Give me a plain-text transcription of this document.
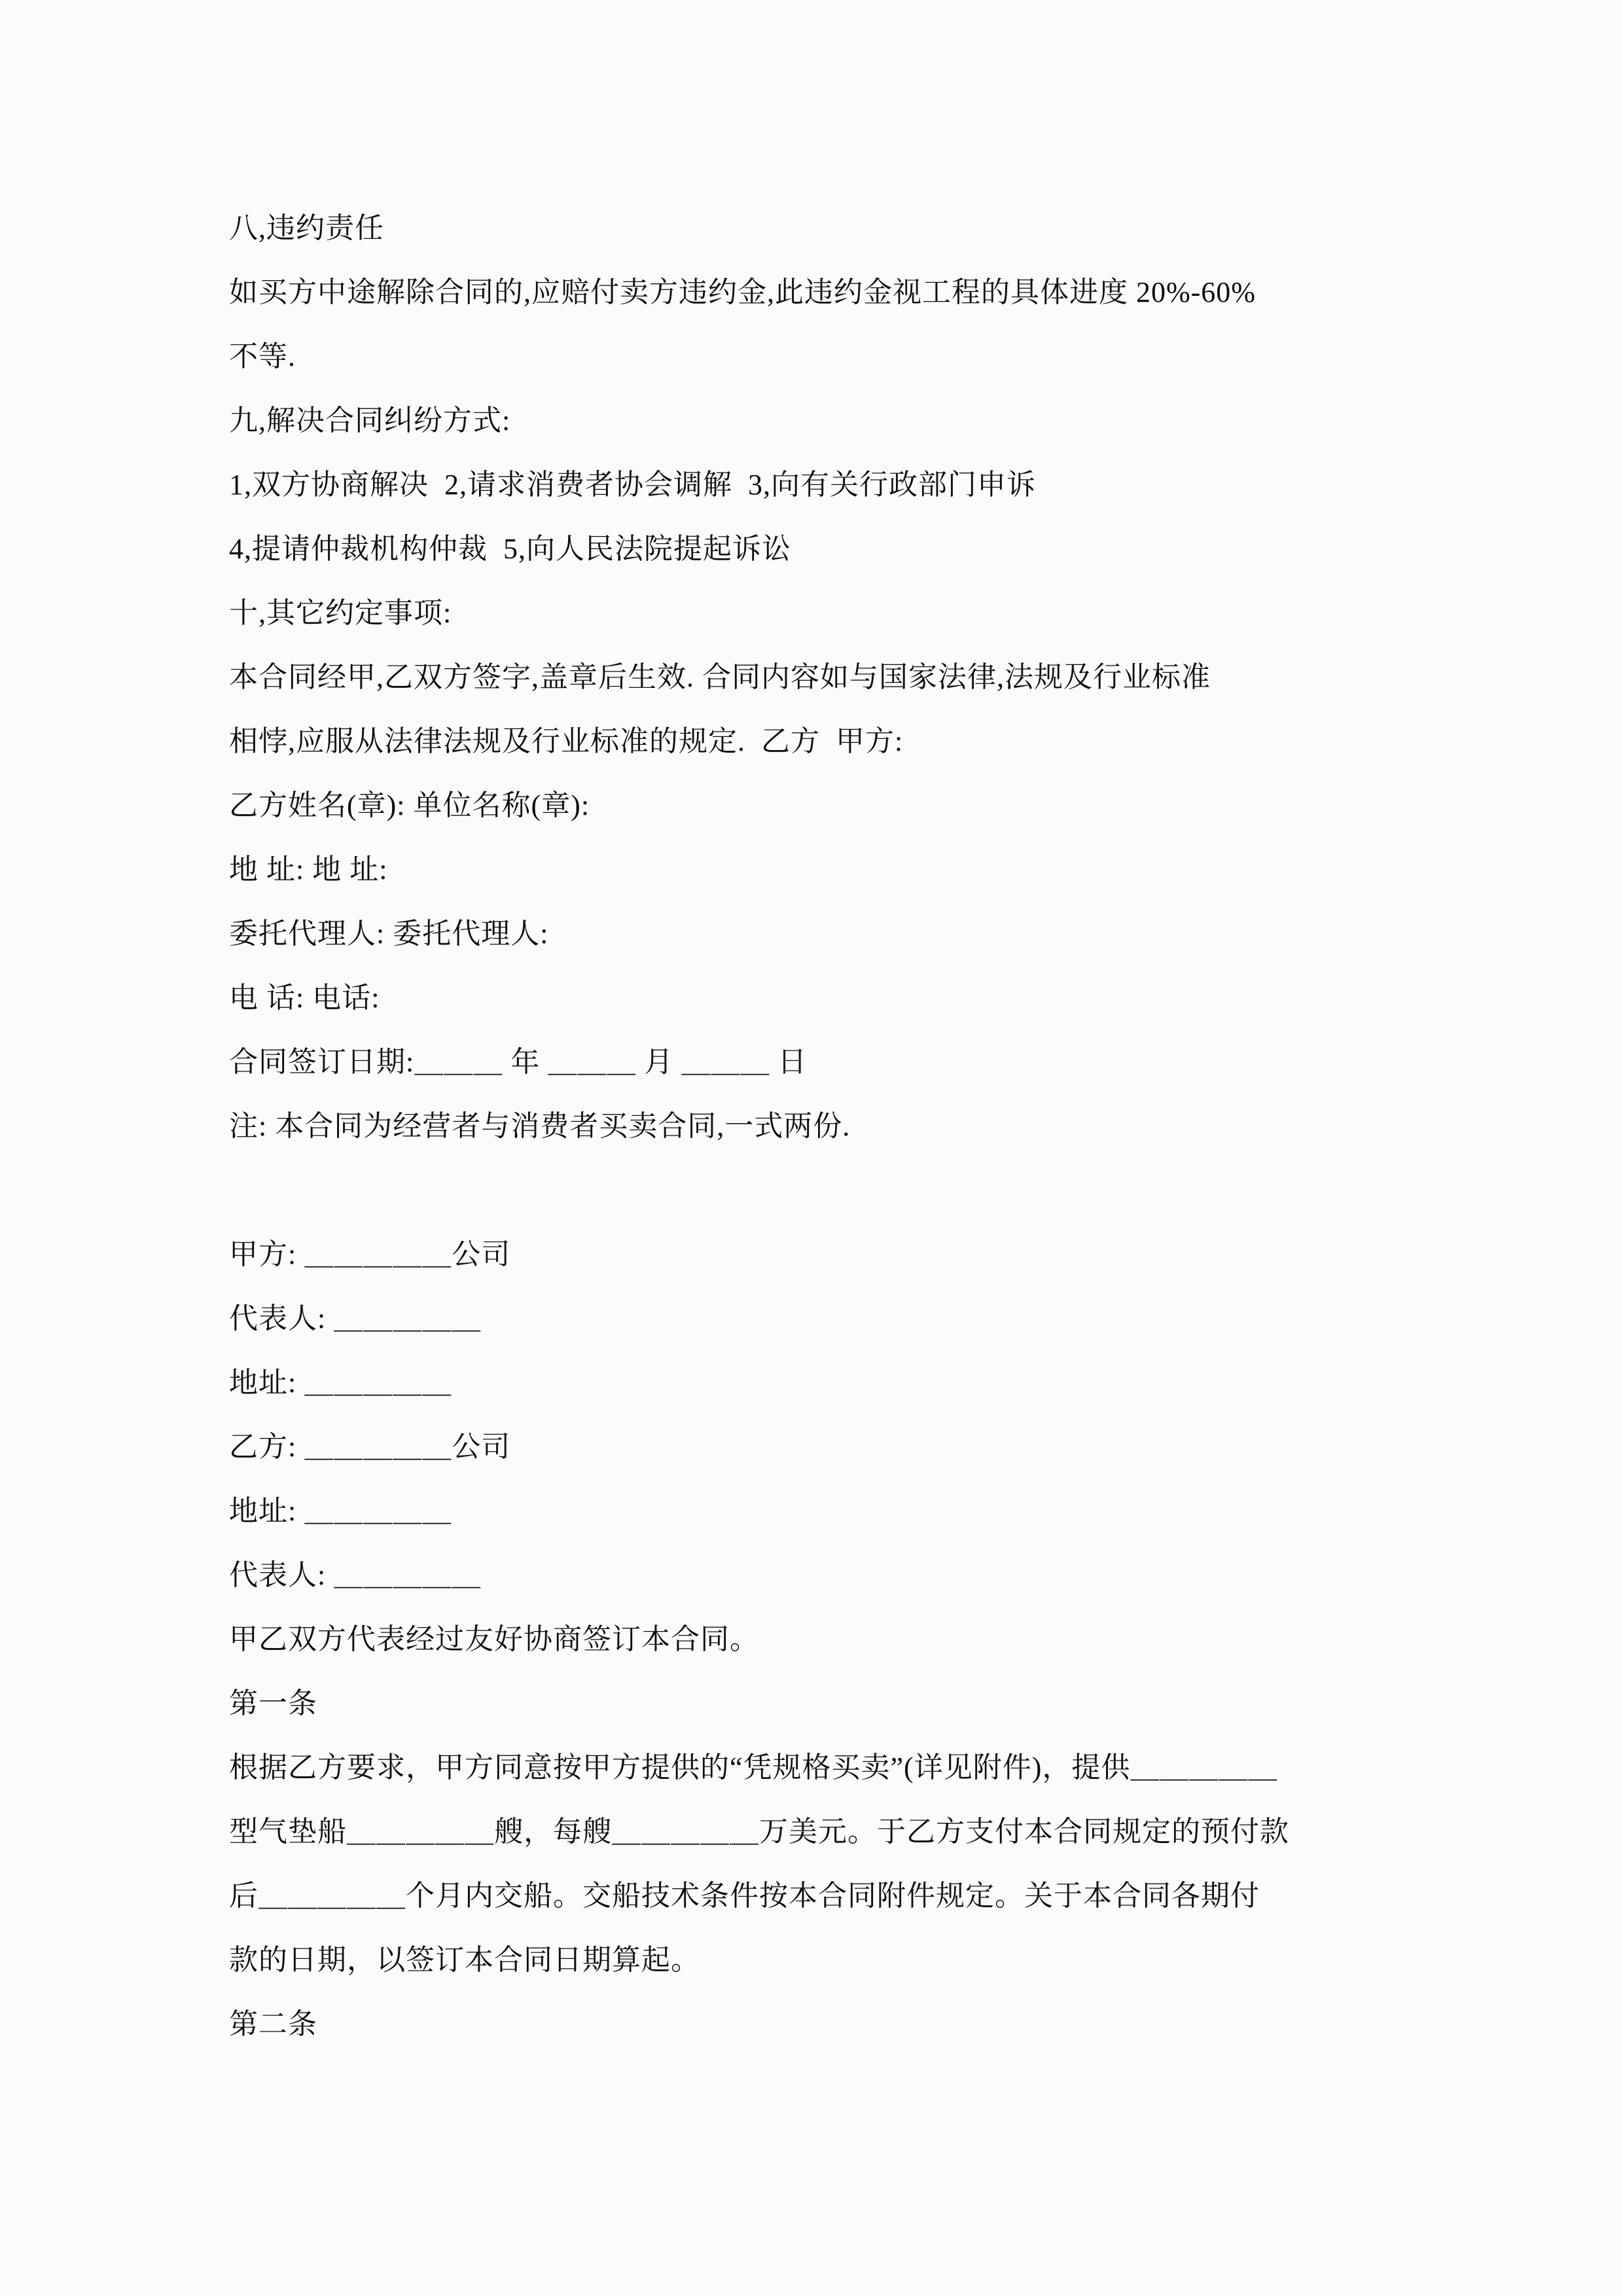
八,违约责任

如买方中途解除合同的,应赔付卖方违约金,此违约金视工程的具体进度 20%-60%

不等.

九,解决合同纠纷方式:

1,双方协商解决  2,请求消费者协会调解  3,向有关行政部门申诉

4,提请仲裁机构仲裁  5,向人民法院提起诉讼

十,其它约定事项:

本合同经甲,乙双方签字,盖章后生效. 合同内容如与国家法律,法规及行业标准

相悖,应服从法律法规及行业标准的规定.  乙方  甲方:

乙方姓名(章): 单位名称(章):

地 址: 地 址:

委托代理人: 委托代理人:

电 话: 电话:

合同签订日期:＿＿＿ 年 ＿＿＿ 月 ＿＿＿ 日

注: 本合同为经营者与消费者买卖合同,一式两份.

甲方: ＿＿＿＿＿公司

代表人: ＿＿＿＿＿

地址: ＿＿＿＿＿

乙方: ＿＿＿＿＿公司

地址: ＿＿＿＿＿

代表人: ＿＿＿＿＿

甲乙双方代表经过友好协商签订本合同。

第一条

根据乙方要求，甲方同意按甲方提供的“凭规格买卖”(详见附件)，提供＿＿＿＿＿

型气垫船＿＿＿＿＿艘，每艘＿＿＿＿＿万美元。于乙方支付本合同规定的预付款

后＿＿＿＿＿个月内交船。交船技术条件按本合同附件规定。关于本合同各期付

款的日期，以签订本合同日期算起。

第二条
